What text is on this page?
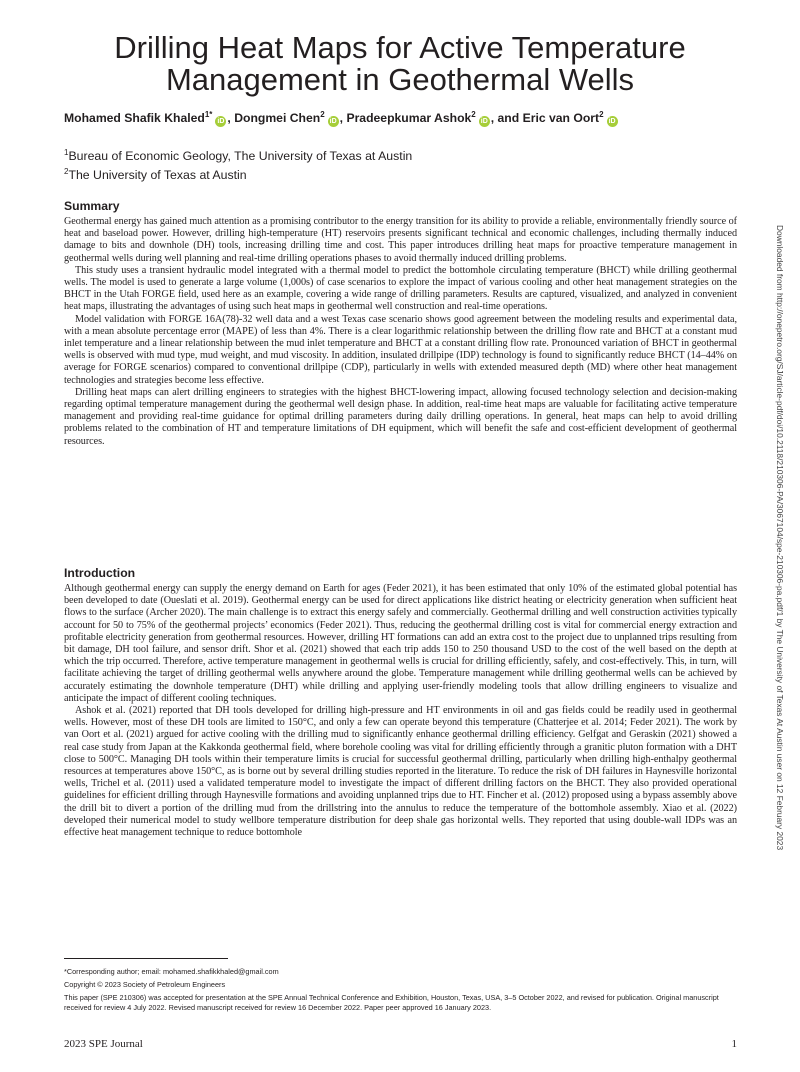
Drilling Heat Maps for Active Temperature
Management in Geothermal Wells
Mohamed Shafik Khaled$^{1*}$iD , Dongmei Chen$^2$iD , Pradeepkumar Ashok$^2$iD , and Eric van Oort$^2$iD
$^1$Bureau of Economic Geology, The University of Texas at Austin
$^2$The University of Texas at Austin
Downloaded from http://onepetro.org/SJ/article-pdf/doi/10.2118/210306-PA/3067104/spe-210306-pa.pdf/1 by The University of Texas At Austin user on 12 February 2023
Summary

Geothermal energy has gained much attention as a promising contributor to the energy transition for its ability to provide a reliable, environmentally friendly source of heat and baseload power. However, drilling high-temperature (HT) reservoirs presents significant technical and economic challenges, including thermally induced damage to bits and downhole (DH) tools, increasing drilling time and cost. This paper introduces drilling heat maps for proactive temperature management in geothermal wells during well planning and real-time drilling operations phases to avoid thermally induced drilling problems.

This study uses a transient hydraulic model integrated with a thermal model to predict the bottomhole circulating temperature (BHCT) while drilling geothermal wells. The model is used to generate a large volume (1,000s) of case scenarios to explore the impact of various cooling and other heat management strategies on the BHCT in the Utah FORGE field, used here as an example, covering a wide range of drilling parameters. Results are captured, visualized, and analyzed in convenient heat maps, illustrating the advantages of using such heat maps in geothermal well construction and real-time operations.

Model validation with FORGE 16A(78)-32 well data and a west Texas case scenario shows good agreement between the modeling results and experimental data, with a mean absolute percentage error (MAPE) of less than 4%. There is a clear logarithmic relationship between the drilling flow rate and BHCT at a constant mud inlet temperature and a linear relationship between the mud inlet temperature and BHCT at a constant drilling flow rate. Pronounced variation of BHCT in geothermal wells is observed with mud type, mud weight, and mud viscosity. In addition, insulated drillpipe (IDP) technology is found to significantly reduce BHCT (14–44% on average for FORGE scenarios) compared to conventional drillpipe (CDP), particularly in wells with extended measured depth (MD) where other heat management technologies and strategies become less effective.

Drilling heat maps can alert drilling engineers to strategies with the highest BHCT-lowering impact, allowing focused technology selection and decision-making regarding optimal temperature management during the geothermal well design phase. In addition, real-time heat maps are valuable for facilitating active temperature management and providing real-time guidance for optimal drilling parameters during daily drilling operations. In general, heat maps can help to avoid drilling problems related to the combination of HT and temperature limitations of DH equipment, which will benefit the safe and cost-efficient development of geothermal resources.

Introduction

Although geothermal energy can supply the energy demand on Earth for ages (Feder 2021), it has been estimated that only 10% of the estimated global potential has been developed to date (Oueslati et al. 2019). Geothermal energy can be used for direct applications like district heating or electricity generation when sufficient heat flows to the surface (Archer 2020). The main challenge is to extract this energy safely and commercially. Geothermal drilling and well construction activities typically account for 50 to 75% of the geothermal projects’ economics (Feder 2021). Thus, reducing the geothermal drilling cost is vital for commercial energy extraction and profitable electricity generation from geothermal resources. However, drilling HT formations can add an extra cost to the project due to unplanned trips resulting from bit damage, DH tool failure, and sensor drift. Shor et al. (2021) showed that each trip adds 150 to 250 thousand USD to the cost of the well based on the depth at which the trip occurred. Therefore, active temperature management in geothermal wells is crucial for drilling efficiently, safely, and cost-effectively. This, in turn, will facilitate achieving the target of drilling geothermal wells anywhere around the globe. Temperature management while drilling geothermal wells can be achieved by accurately estimating the downhole temperature (DHT) while drilling and applying user-friendly modeling tools that allow drilling engineers to visualize and anticipate the impact of different cooling techniques.

Ashok et al. (2021) reported that DH tools developed for drilling high-pressure and HT environments in oil and gas fields could be readily used in geothermal wells. However, most of these DH tools are limited to 150°C, and only a few can operate beyond this temperature (Chatterjee et al. 2014; Feder 2021). The work by van Oort et al. (2021) argued for active cooling with the drilling mud to significantly enhance geothermal drilling efficiency. Gelfgat and Geraskin (2021) showed a real case study from Japan at the Kakkonda geothermal field, where borehole cooling was vital for drilling efficiently through a granitic pluton formation with a DHT close to 500°C. Managing DH tools within their temperature limits is crucial for successful geothermal drilling, particularly when drilling high-enthalpy geothermal resources at temperatures above 150°C, as is borne out by several drilling studies reported in the literature. To reduce the risk of DH failures in Haynesville horizontal wells, Trichel et al. (2011) used a validated temperature model to investigate the impact of different drilling factors on the BHCT. They also provided operational guidelines for efficient drilling through Haynesville formations and avoiding unplanned trips due to HT. Fincher et al. (2012) proposed using a bypass assembly above the drill bit to divert a portion of the drilling mud from the drillstring into the annulus to reduce the temperature of the bottomhole assembly. Xiao et al. (2022) developed their numerical model to study wellbore temperature distribution for deep shale gas horizontal wells. They reported that using double-wall IDPs was an effective heat management technique to reduce bottomhole

*Corresponding author; email: mohamed.shafikkhaled@gmail.com
Copyright © 2023 Society of Petroleum Engineers
This paper (SPE 210306) was accepted for presentation at the SPE Annual Technical Conference and Exhibition, Houston, Texas, USA, 3–5 October 2022, and revised for publication. Original manuscript received for review 4 July 2022. Revised manuscript received for review 16 December 2022. Paper peer approved 16 January 2023.
2023 SPE Journal	1
